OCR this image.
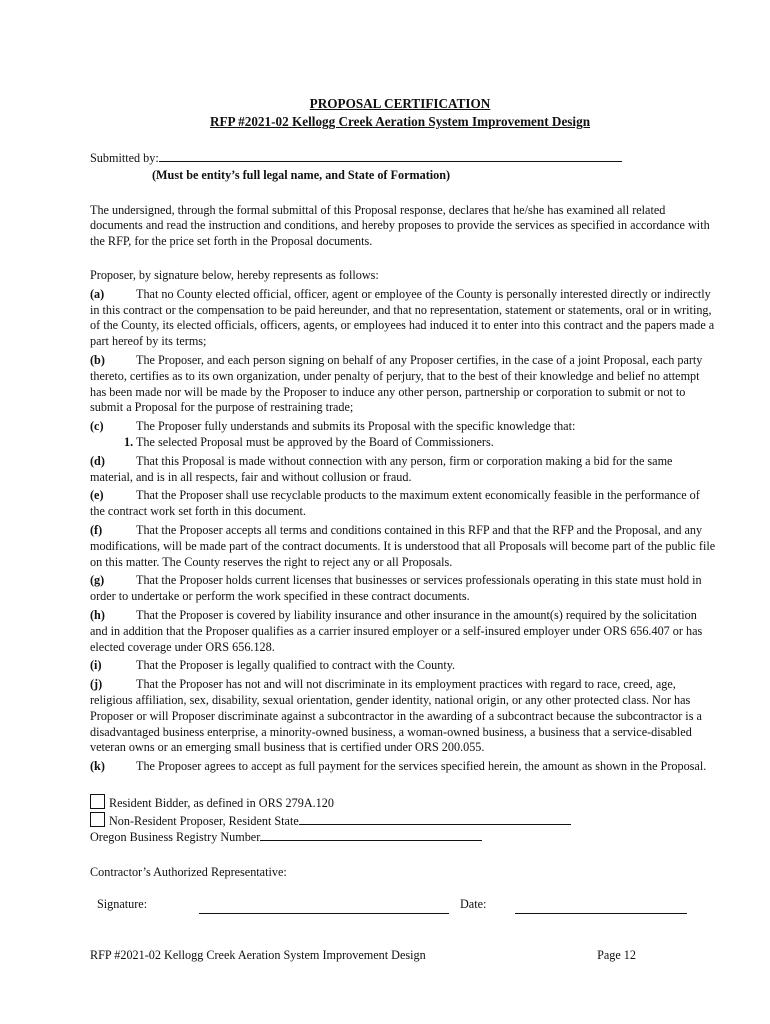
PROPOSAL CERTIFICATION
RFP #2021-02 Kellogg Creek Aeration System Improvement Design
Submitted by:
(Must be entity’s full legal name, and State of Formation)
The undersigned, through the formal submittal of this Proposal response, declares that he/she has examined all related documents and read the instruction and conditions, and hereby proposes to provide the services as specified in accordance with the RFP, for the price set forth in the Proposal documents.
Proposer, by signature below, hereby represents as follows:
(a)	That no County elected official, officer, agent or employee of the County is personally interested directly or indirectly in this contract or the compensation to be paid hereunder, and that no representation, statement or statements, oral or in writing, of the County, its elected officials, officers, agents, or employees had induced it to enter into this contract and the papers made a part hereof by its terms;
(b)	The Proposer, and each person signing on behalf of any Proposer certifies, in the case of a joint Proposal, each party thereto, certifies as to its own organization, under penalty of perjury, that to the best of their knowledge and belief no attempt has been made nor will be made by the Proposer to induce any other person, partnership or corporation to submit or not to submit a Proposal for the purpose of restraining trade;
(c)	The Proposer fully understands and submits its Proposal with the specific knowledge that:
1. The selected Proposal must be approved by the Board of Commissioners.
(d)	That this Proposal is made without connection with any person, firm or corporation making a bid for the same material, and is in all respects, fair and without collusion or fraud.
(e)	That the Proposer shall use recyclable products to the maximum extent economically feasible in the performance of the contract work set forth in this document.
(f)	That the Proposer accepts all terms and conditions contained in this RFP and that the RFP and the Proposal, and any modifications, will be made part of the contract documents. It is understood that all Proposals will become part of the public file on this matter. The County reserves the right to reject any or all Proposals.
(g)	That the Proposer holds current licenses that businesses or services professionals operating in this state must hold in order to undertake or perform the work specified in these contract documents.
(h)	That the Proposer is covered by liability insurance and other insurance in the amount(s) required by the solicitation and in addition that the Proposer qualifies as a carrier insured employer or a self-insured employer under ORS 656.407 or has elected coverage under ORS 656.128.
(i)	That the Proposer is legally qualified to contract with the County.
(j)	That the Proposer has not and will not discriminate in its employment practices with regard to race, creed, age, religious affiliation, sex, disability, sexual orientation, gender identity, national origin, or any other protected class. Nor has Proposer or will Proposer discriminate against a subcontractor in the awarding of a subcontract because the subcontractor is a disadvantaged business enterprise, a minority-owned business, a woman-owned business, a business that a service-disabled veteran owns or an emerging small business that is certified under ORS 200.055.
(k)	The Proposer agrees to accept as full payment for the services specified herein, the amount as shown in the Proposal.
Resident Bidder, as defined in ORS 279A.120
Non-Resident Proposer, Resident State
Oregon Business Registry Number
Contractor’s Authorized Representative:
Signature:	Date:
RFP #2021-02 Kellogg Creek Aeration System Improvement Design	Page 12
